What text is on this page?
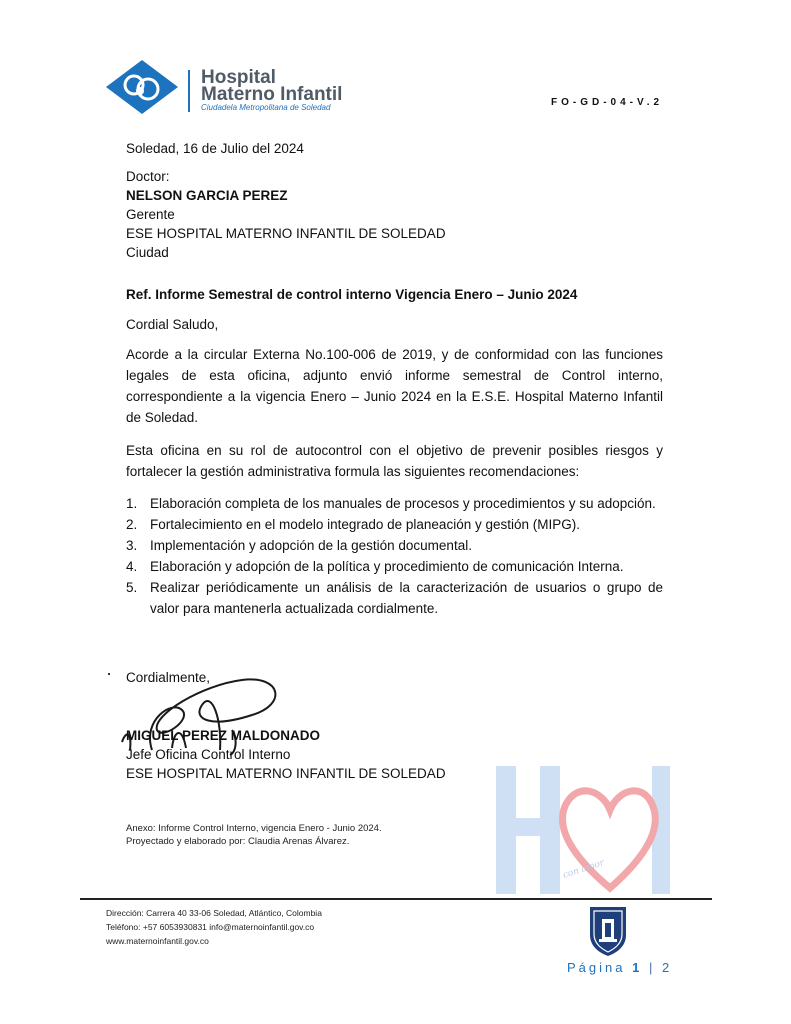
Hospital
Materno Infantil
Ciudadela Metropolitana de Soledad	FO-GD-04-V.2
Soledad, 16 de Julio del 2024
Doctor:
NELSON GARCIA PEREZ
Gerente
ESE HOSPITAL MATERNO INFANTIL DE SOLEDAD
Ciudad
Ref. Informe Semestral de control interno Vigencia Enero – Junio 2024
Cordial Saludo,
Acorde a la circular Externa No.100-006 de 2019, y de conformidad con las funciones legales de esta oficina, adjunto envió informe semestral de Control interno, correspondiente a la vigencia Enero – Junio 2024 en la E.S.E. Hospital Materno Infantil de Soledad.
Esta oficina en su rol de autocontrol con el objetivo de prevenir posibles riesgos y fortalecer la gestión administrativa formula las siguientes recomendaciones:
1. Elaboración completa de los manuales de procesos y procedimientos y su adopción.
2. Fortalecimiento en el modelo integrado de planeación y gestión (MIPG).
3. Implementación y adopción de la gestión documental.
4. Elaboración y adopción de la política y procedimiento de comunicación Interna.
5. Realizar periódicamente un análisis de la caracterización de usuarios o grupo de valor para mantenerla actualizada cordialmente.
Cordialmente,
con amor
MIGUEL PEREZ MALDONADO
Jefe Oficina Control Interno
ESE HOSPITAL MATERNO INFANTIL DE SOLEDAD
Anexo: Informe Control Interno, vigencia Enero - Junio 2024.
Proyectado y elaborado por: Claudia Arenas Álvarez.
Dirección: Carrera 40 33-06 Soledad, Atlántico, Colombia
Teléfono: +57 6053930831 info@maternoinfantil.gov.co
www.maternoinfantil.gov.co
Página 1 | 2
